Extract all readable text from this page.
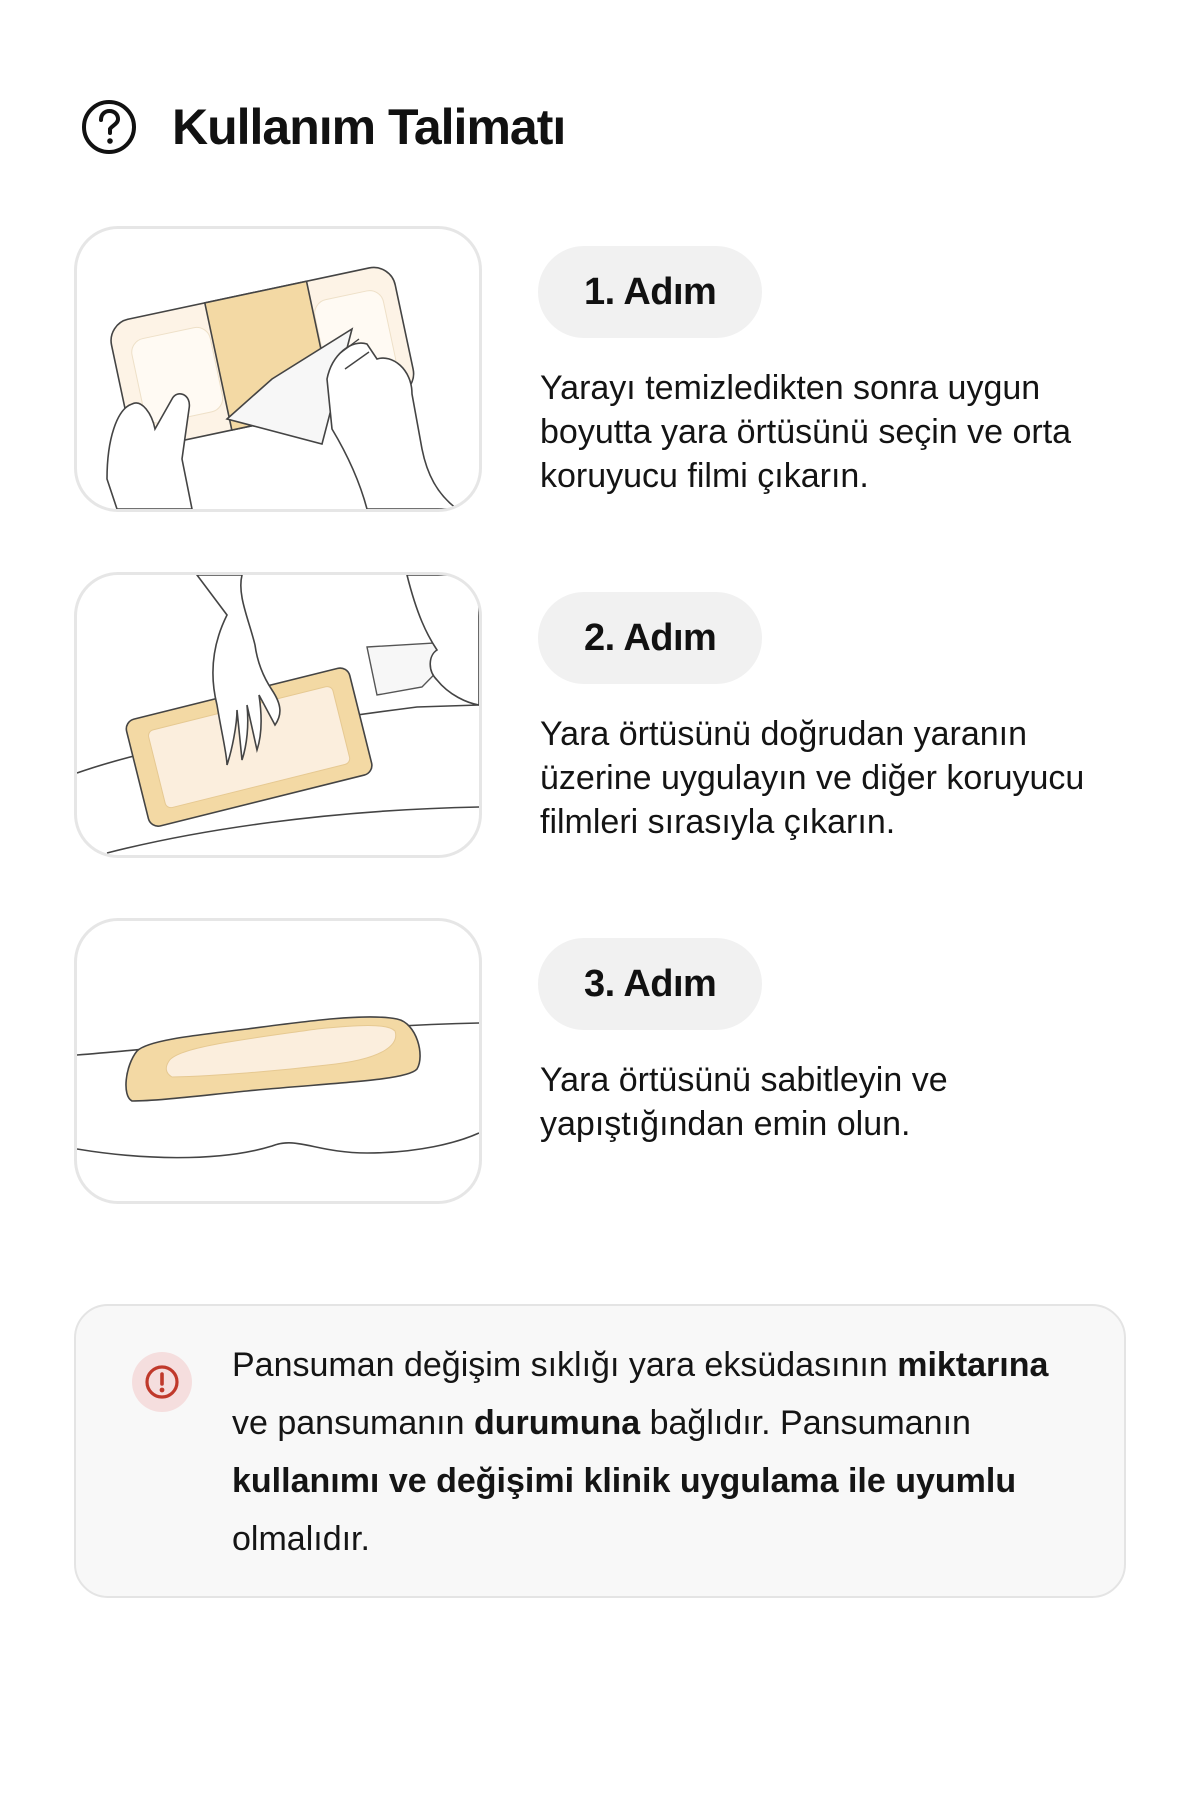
Kullanım Talimatı
1. Adım

Yarayı temizledikten sonra uygun boyutta yara örtüsünü seçin ve orta koruyucu filmi çıkarın.

2. Adım

Yara örtüsünü doğrudan yaranın üzerine uygulayın ve diğer koruyucu filmleri sırasıyla çıkarın.

3. Adım

Yara örtüsünü sabitleyin ve yapıştığından emin olun.

Pansuman değişim sıklığı yara eksüdasının miktarına ve pansumanın durumuna bağlıdır. Pansumanın kullanımı ve değişimi klinik uygulama ile uyumlu olmalıdır.
